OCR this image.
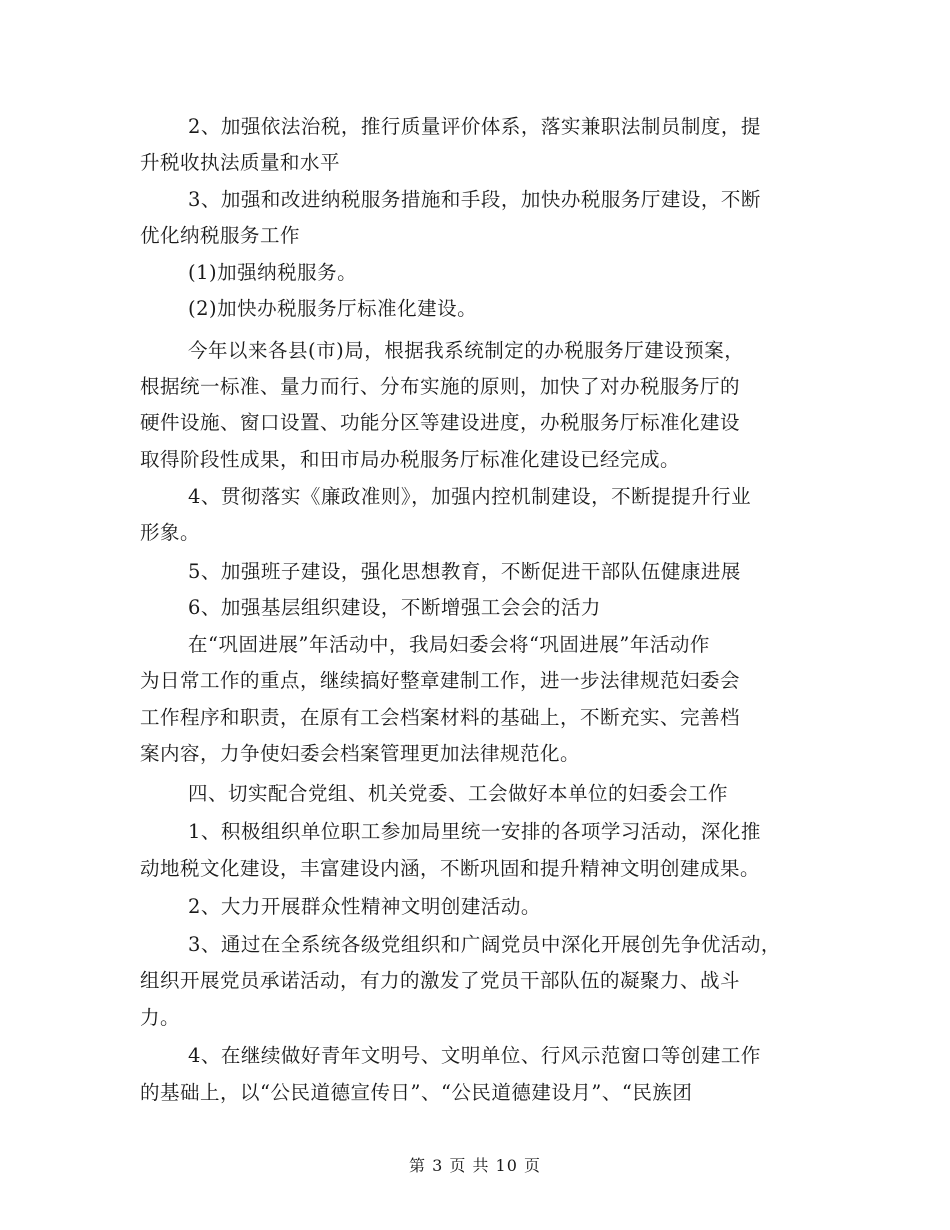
2、加强依法治税，推行质量评价体系，落实兼职法制员制度，提
升税收执法质量和水平
3、加强和改进纳税服务措施和手段，加快办税服务厅建设，不断
优化纳税服务工作
(1)加强纳税服务。
(2)加快办税服务厅标准化建设。
今年以来各县(市)局，根据我系统制定的办税服务厅建设预案，
根据统一标准、量力而行、分布实施的原则，加快了对办税服务厅的
硬件设施、窗口设置、功能分区等建设进度，办税服务厅标准化建设
取得阶段性成果，和田市局办税服务厅标准化建设已经完成。
4、贯彻落实《廉政准则》，加强内控机制建设，不断提提升行业
形象。
5、加强班子建设，强化思想教育，不断促进干部队伍健康进展
6、加强基层组织建设，不断增强工会会的活力
在“巩固进展”年活动中，我局妇委会将“巩固进展”年活动作
为日常工作的重点，继续搞好整章建制工作，进一步法律规范妇委会
工作程序和职责，在原有工会档案材料的基础上，不断充实、完善档
案内容，力争使妇委会档案管理更加法律规范化。
四、切实配合党组、机关党委、工会做好本单位的妇委会工作
1、积极组织单位职工参加局里统一安排的各项学习活动，深化推
动地税文化建设，丰富建设内涵，不断巩固和提升精神文明创建成果。
2、大力开展群众性精神文明创建活动。
3、通过在全系统各级党组织和广阔党员中深化开展创先争优活动，
组织开展党员承诺活动，有力的激发了党员干部队伍的凝聚力、战斗
力。
4、在继续做好青年文明号、文明单位、行风示范窗口等创建工作
的基础上，以“公民道德宣传日”、“公民道德建设月”、“民族团
第 3 页 共 10 页
